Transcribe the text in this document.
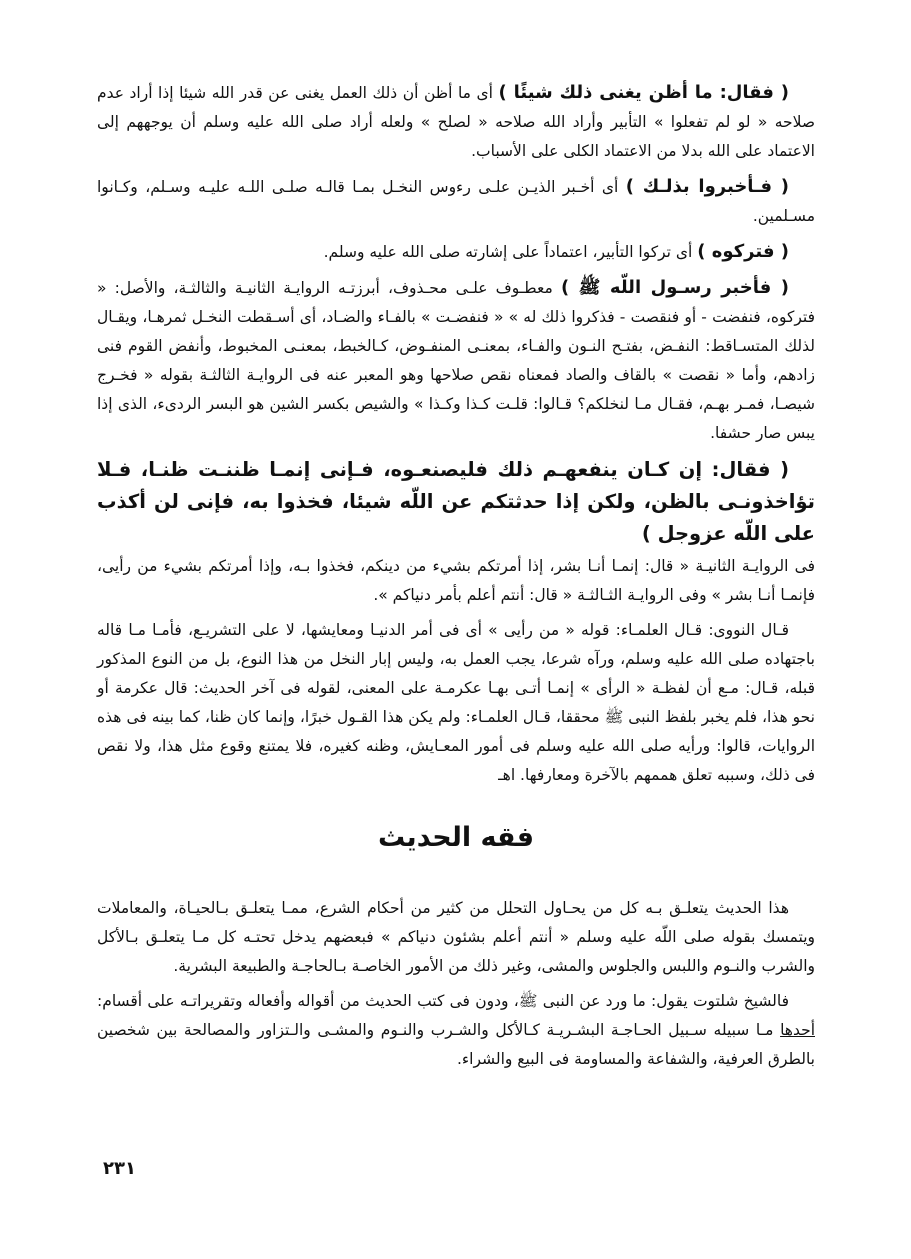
( فقال: ما أظن يغنى ذلك شيئًا ) أى ما أظن أن ذلك العمل يغنى عن قدر الله شيئا إذا أراد عدم صلاحه « لو لم تفعلوا » التأبير وأراد الله صلاحه « لصلح » ولعله أراد صلى الله عليه وسلم أن يوجههم إلى الاعتماد على الله بدلا من الاعتماد الكلى على الأسباب.

( فـأخبروا بذلـك ) أى أخـبر الذيـن علـى رءوس النخـل بمـا قالـه صلـى اللـه عليـه وسـلم، وكـانوا مسـلمين.

( فتركوه ) أى تركوا التأبير، اعتماداً على إشارته صلى الله عليه وسلم.

( فأخبر رسـول اللّه ﷺ ) معطـوف علـى محـذوف، أبرزتـه الروايـة الثانيـة والثالثـة، والأصل: « فتركوه، فنفضت - أو فنقصت - فذكروا ذلك له » « فنفضـت » بالفـاء والضـاد، أى أسـقطت النخـل ثمرهـا، ويقـال لذلك المتسـاقط: النفـض، بفتـح النـون والفـاء، بمعنـى المنفـوض، كـالخبط، بمعنـى المخبوط، وأنفض القوم فنى زادهم، وأما « نقصت » بالقاف والصاد فمعناه نقص صلاحها وهو المعبر عنه فى الروايـة الثالثـة بقوله « فخـرج شيصـا، فمـر بهـم، فقـال مـا لنخلكم؟ قـالوا: قلـت كـذا وكـذا » والشيص بكسر الشين هو البسر الردىء، الذى إذا يبس صار حشفا.

( فقال: إن كـان ينفعهـم ذلك فليصنعـوه، فـإنى إنمـا ظننـت ظنـا، فـلا تؤاخذونـى بالظن، ولكن إذا حدثتكم عن اللّه شيئا، فخذوا به، فإنى لن أكذب على اللّه عزوجل )

فى الروايـة الثانيـة « قال: إنمـا أنـا بشر، إذا أمرتكم بشيء من دينكم، فخذوا بـه، وإذا أمرتكم بشيء من رأيى، فإنمـا أنـا بشر » وفى الروايـة الثـالثـة « قال: أنتم أعلم بأمر دنياكم ».

قـال النووى: قـال العلمـاء: قوله « من رأيى » أى فى أمر الدنيـا ومعايشها، لا على التشريـع، فأمـا مـا قاله باجتهاده صلى الله عليه وسلم، ورآه شرعا، يجب العمل به، وليس إبار النخل من هذا النوع، بل من النوع المذكور قبله، قـال: مـع أن لفظـة « الرأى » إنمـا أتـى بهـا عكرمـة على المعنى، لقوله فى آخر الحديث: قال عكرمة أو نحو هذا، فلم يخبر بلفظ النبى ﷺ محققا، قـال العلمـاء: ولم يكن هذا القـول خبرًا، وإنما كان ظنا، كما بينه فى هذه الروايات، قالوا: ورأيه صلى الله عليه وسلم فى أمور المعـايش، وظنه كغيره، فلا يمتنع وقوع مثل هذا، ولا نقص فى ذلك، وسببه تعلق هممهم بالآخرة ومعارفها. اهـ

فقه الحديث

هذا الحديث يتعلـق بـه كل من يحـاول التحلل من كثير من أحكام الشرع، ممـا يتعلـق بـالحيـاة، والمعاملات ويتمسك بقوله صلى اللّه عليه وسلم « أنتم أعلم بشئون دنياكم » فبعضهم يدخل تحتـه كل مـا يتعلـق بـالأكل والشرب والنـوم واللبس والجلوس والمشى، وغير ذلك من الأمور الخاصـة بـالحاجـة والطبيعة البشرية.

فالشيخ شلتوت يقول: ما ورد عن النبى ﷺ، ودون فى كتب الحديث من أقواله وأفعاله وتقريراتـه على أقسام: أحدها مـا سبيله سـبيل الحـاجـة البشـريـة كـالأكل والشـرب والنـوم والمشـى والـتزاور والمصالحة بين شخصين بالطرق العرفية، والشفاعة والمساومة فى البيع والشراء.

٢٣١
